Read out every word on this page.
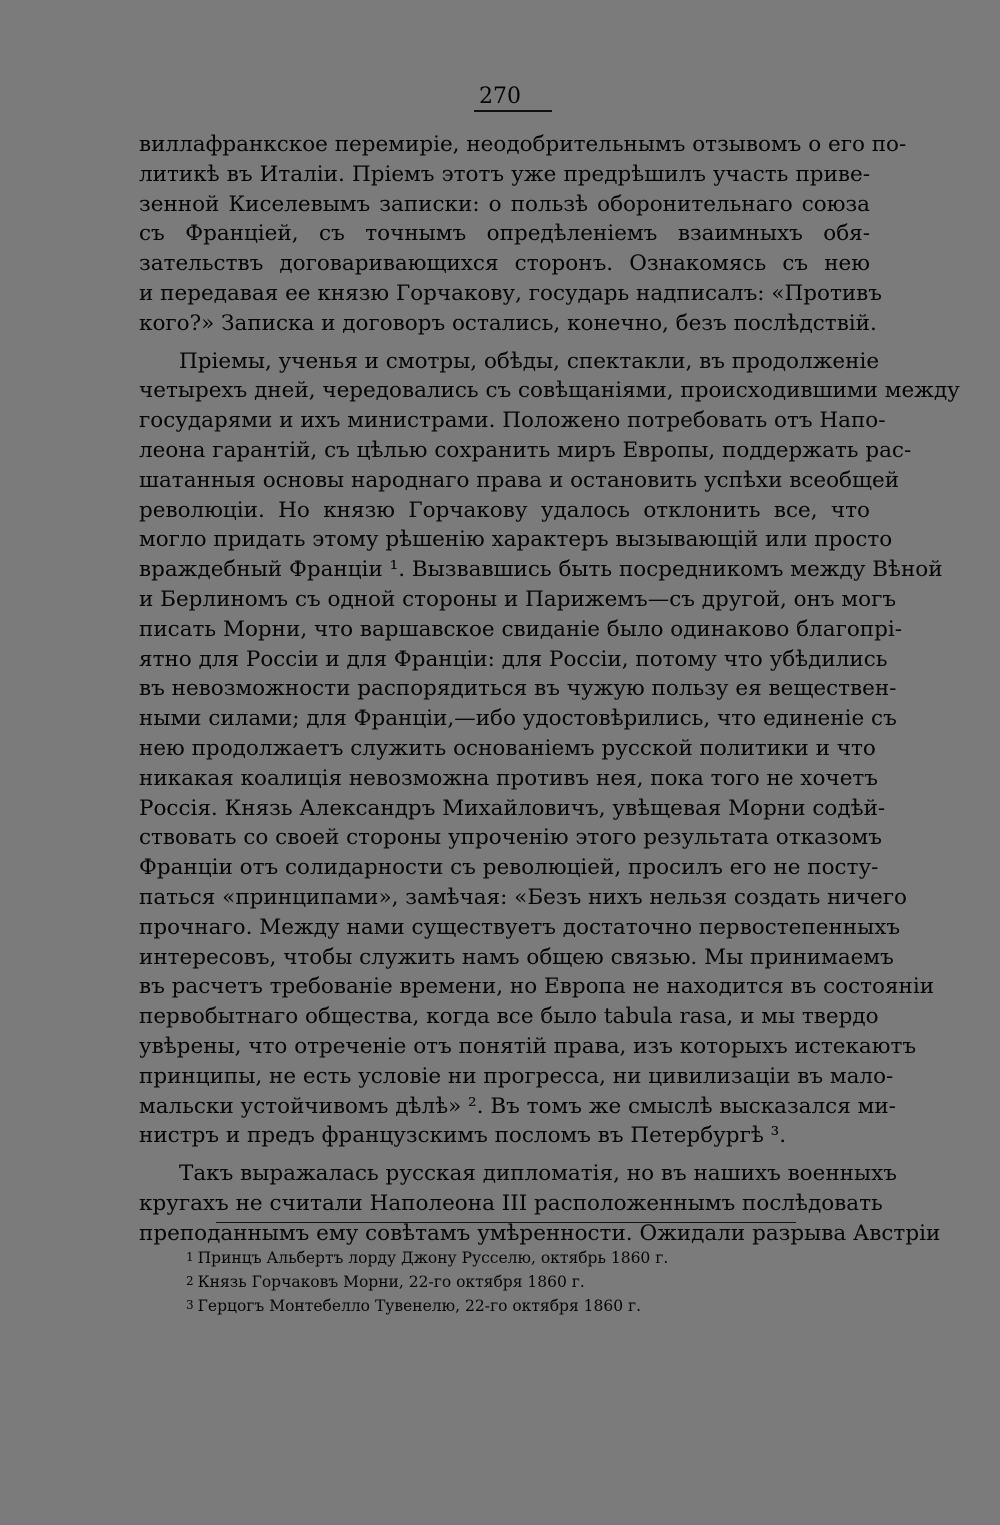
270
виллафранкское перемиріе, неодобрительнымъ отзывомъ о его по-
литикѣ въ Италіи. Пріемъ этотъ уже предрѣшилъ участь приве-
зенной Киселевымъ записки: о пользѣ оборонительнаго союза
съ Франціей, съ точнымъ опредѣленіемъ взаимныхъ обя-
зательствъ договаривающихся сторонъ. Ознакомясь съ нею
и передавая ее князю Горчакову, государь надписалъ: «Противъ
кого?» Записка и договоръ остались, конечно, безъ послѣдствій.
Пріемы, ученья и смотры, обѣды, спектакли, въ продолженіе
четырехъ дней, чередовались съ совѣщаніями, происходившими между
государями и ихъ министрами. Положено потребовать отъ Напо-
леона гарантій, съ цѣлью сохранить миръ Европы, поддержать рас-
шатанныя основы народнаго права и остановить успѣхи всеобщей
революціи. Но князю Горчакову удалось отклонить все, что
могло придать этому рѣшенію характеръ вызывающій или просто
враждебный Франціи ¹. Вызвавшись быть посредникомъ между Вѣной
и Берлиномъ съ одной стороны и Парижемъ—съ другой, онъ могъ
писать Морни, что варшавское свиданіе было одинаково благопрі-
ятно для Россіи и для Франціи: для Россіи, потому что убѣдились
въ невозможности распорядиться въ чужую пользу ея веществен-
ными силами; для Франціи,—ибо удостовѣрились, что единеніе съ
нею продолжаетъ служить основаніемъ русской политики и что
никакая коалиція невозможна противъ нея, пока того не хочетъ
Россія. Князь Александръ Михайловичъ, увѣщевая Морни содѣй-
ствовать со своей стороны упроченію этого результата отказомъ
Франціи отъ солидарности съ революціей, просилъ его не посту-
паться «принципами», замѣчая: «Безъ нихъ нельзя создать ничего
прочнаго. Между нами существуетъ достаточно первостепенныхъ
интересовъ, чтобы служить намъ общею связью. Мы принимаемъ
въ расчетъ требованіе времени, но Европа не находится въ состояніи
первобытнаго общества, когда все было tabula rasa, и мы твердо
увѣрены, что отреченіе отъ понятій права, изъ которыхъ истекаютъ
принципы, не есть условіе ни прогресса, ни цивилизаціи въ мало-
мальски устойчивомъ дѣлѣ» ². Въ томъ же смыслѣ высказался ми-
нистръ и предъ французскимъ посломъ въ Петербургѣ ³.
Такъ выражалась русская дипломатія, но въ нашихъ военныхъ
кругахъ не считали Наполеона III расположеннымъ послѣдовать
преподаннымъ ему совѣтамъ умѣренности. Ожидали разрыва Австріи
1 Принцъ Альбертъ лорду Джону Русселю, октябрь 1860 г.
2 Князь Горчаковъ Морни, 22-го октября 1860 г.
3 Герцогъ Монтебелло Тувенелю, 22-го октября 1860 г.
